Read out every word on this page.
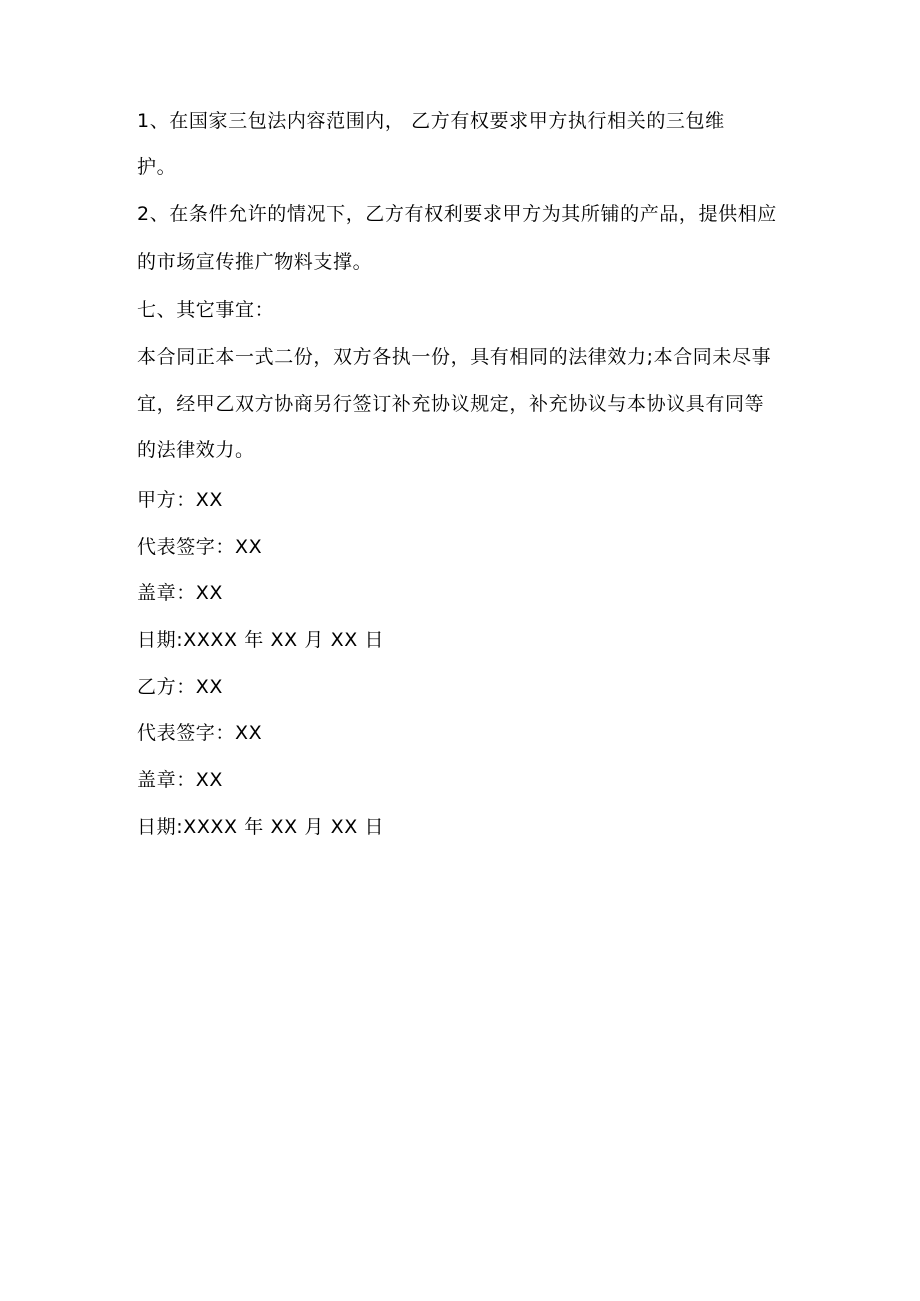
1、在国家三包法内容范围内， 乙方有权要求甲方执行相关的三包维
护。
2、在条件允许的情况下，乙方有权利要求甲方为其所铺的产品，提供相应
的市场宣传推广物料支撑。
七、其它事宜：
本合同正本一式二份，双方各执一份，具有相同的法律效力;本合同未尽事
宜，经甲乙双方协商另行签订补充协议规定，补充协议与本协议具有同等
的法律效力。
甲方：XX
代表签字：XX
盖章：XX
日期:XXXX 年 XX 月 XX 日
乙方：XX
代表签字：XX
盖章：XX
日期:XXXX 年 XX 月 XX 日
